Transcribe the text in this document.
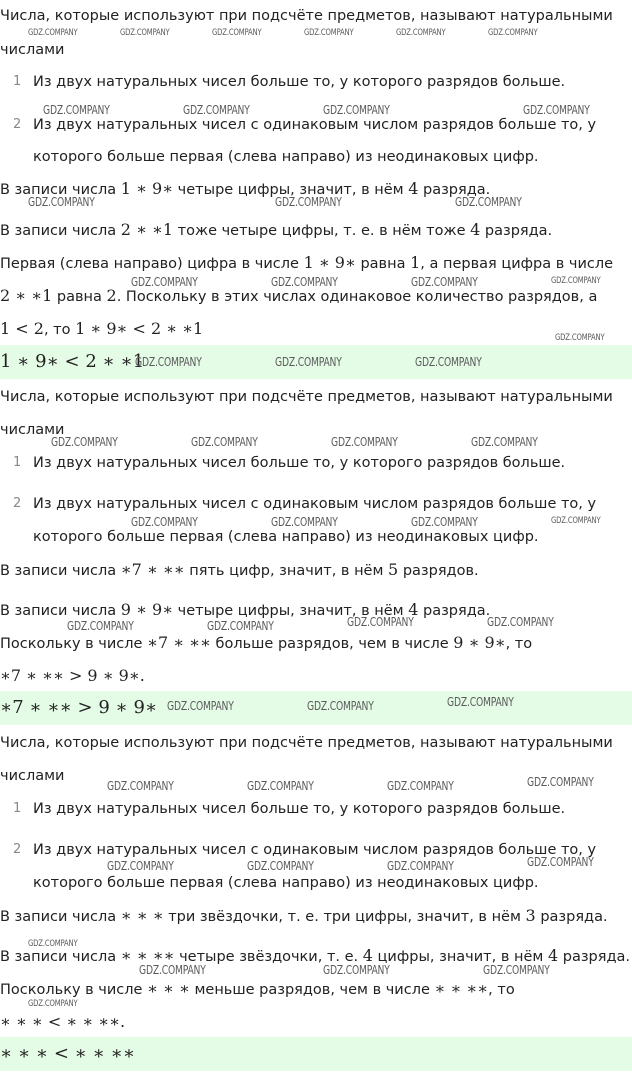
Числа, которые используют при подсчёте предметов, называют натуральными
числами
1 Из двух натуральных чисел больше то, у которого разрядов больше.
2 Из двух натуральных чисел с одинаковым числом разрядов больше то, у
которого больше первая (слева направо) из неодинаковых цифр.
В записи числа 1 ∗ 9∗ четыре цифры, значит, в нём 4 разряда.
В записи числа 2 ∗ ∗1 тоже четыре цифры, т. е. в нём тоже 4 разряда.
Первая (слева направо) цифра в числе 1 ∗ 9∗ равна 1, а первая цифра в числе
2 ∗ ∗1 равна 2. Поскольку в этих числах одинаковое количество разрядов, а
1 < 2, то 1 ∗ 9∗ < 2 ∗ ∗1
1 ∗ 9∗ < 2 ∗ ∗1
Числа, которые используют при подсчёте предметов, называют натуральными
числами
1 Из двух натуральных чисел больше то, у которого разрядов больше.
2 Из двух натуральных чисел с одинаковым числом разрядов больше то, у
которого больше первая (слева направо) из неодинаковых цифр.
В записи числа ∗7 ∗ ∗∗ пять цифр, значит, в нём 5 разрядов.
В записи числа 9 ∗ 9∗ четыре цифры, значит, в нём 4 разряда.
Поскольку в числе ∗7 ∗ ∗∗ больше разрядов, чем в числе 9 ∗ 9∗, то
∗7 ∗ ∗∗ > 9 ∗ 9∗.
∗7 ∗ ∗∗ > 9 ∗ 9∗
Числа, которые используют при подсчёте предметов, называют натуральными
числами
1 Из двух натуральных чисел больше то, у которого разрядов больше.
2 Из двух натуральных чисел с одинаковым числом разрядов больше то, у
которого больше первая (слева направо) из неодинаковых цифр.
В записи числа ∗ ∗ ∗ три звёздочки, т. е. три цифры, значит, в нём 3 разряда.
В записи числа ∗ ∗ ∗∗ четыре звёздочки, т. е. 4 цифры, значит, в нём 4 разряда.
Поскольку в числе ∗ ∗ ∗ меньше разрядов, чем в числе ∗ ∗ ∗∗, то
∗ ∗ ∗ < ∗ ∗ ∗∗.
∗ ∗ ∗ < ∗ ∗ ∗∗
GDZ.COMPANY	GDZ.COMPANY	GDZ.COMPANY	GDZ.COMPANY	GDZ.COMPANY	GDZ.COMPANY
GDZ.COMPANY	GDZ.COMPANY	GDZ.COMPANY	GDZ.COMPANY
GDZ.COMPANY	GDZ.COMPANY	GDZ.COMPANY
GDZ.COMPANY	GDZ.COMPANY	GDZ.COMPANY	GDZ.COMPANY
GDZ.COMPANY
GDZ.COMPANY	GDZ.COMPANY	GDZ.COMPANY
GDZ.COMPANY	GDZ.COMPANY	GDZ.COMPANY	GDZ.COMPANY
GDZ.COMPANY	GDZ.COMPANY	GDZ.COMPANY	GDZ.COMPANY
GDZ.COMPANY	GDZ.COMPANY
GDZ.COMPANY	GDZ.COMPANY
GDZ.COMPANY	GDZ.COMPANY	GDZ.COMPANY
GDZ.COMPANY	GDZ.COMPANY	GDZ.COMPANY	GDZ.COMPANY
GDZ.COMPANY	GDZ.COMPANY	GDZ.COMPANY	GDZ.COMPANY
GDZ.COMPANY
GDZ.COMPANY	GDZ.COMPANY	GDZ.COMPANY
GDZ.COMPANY
